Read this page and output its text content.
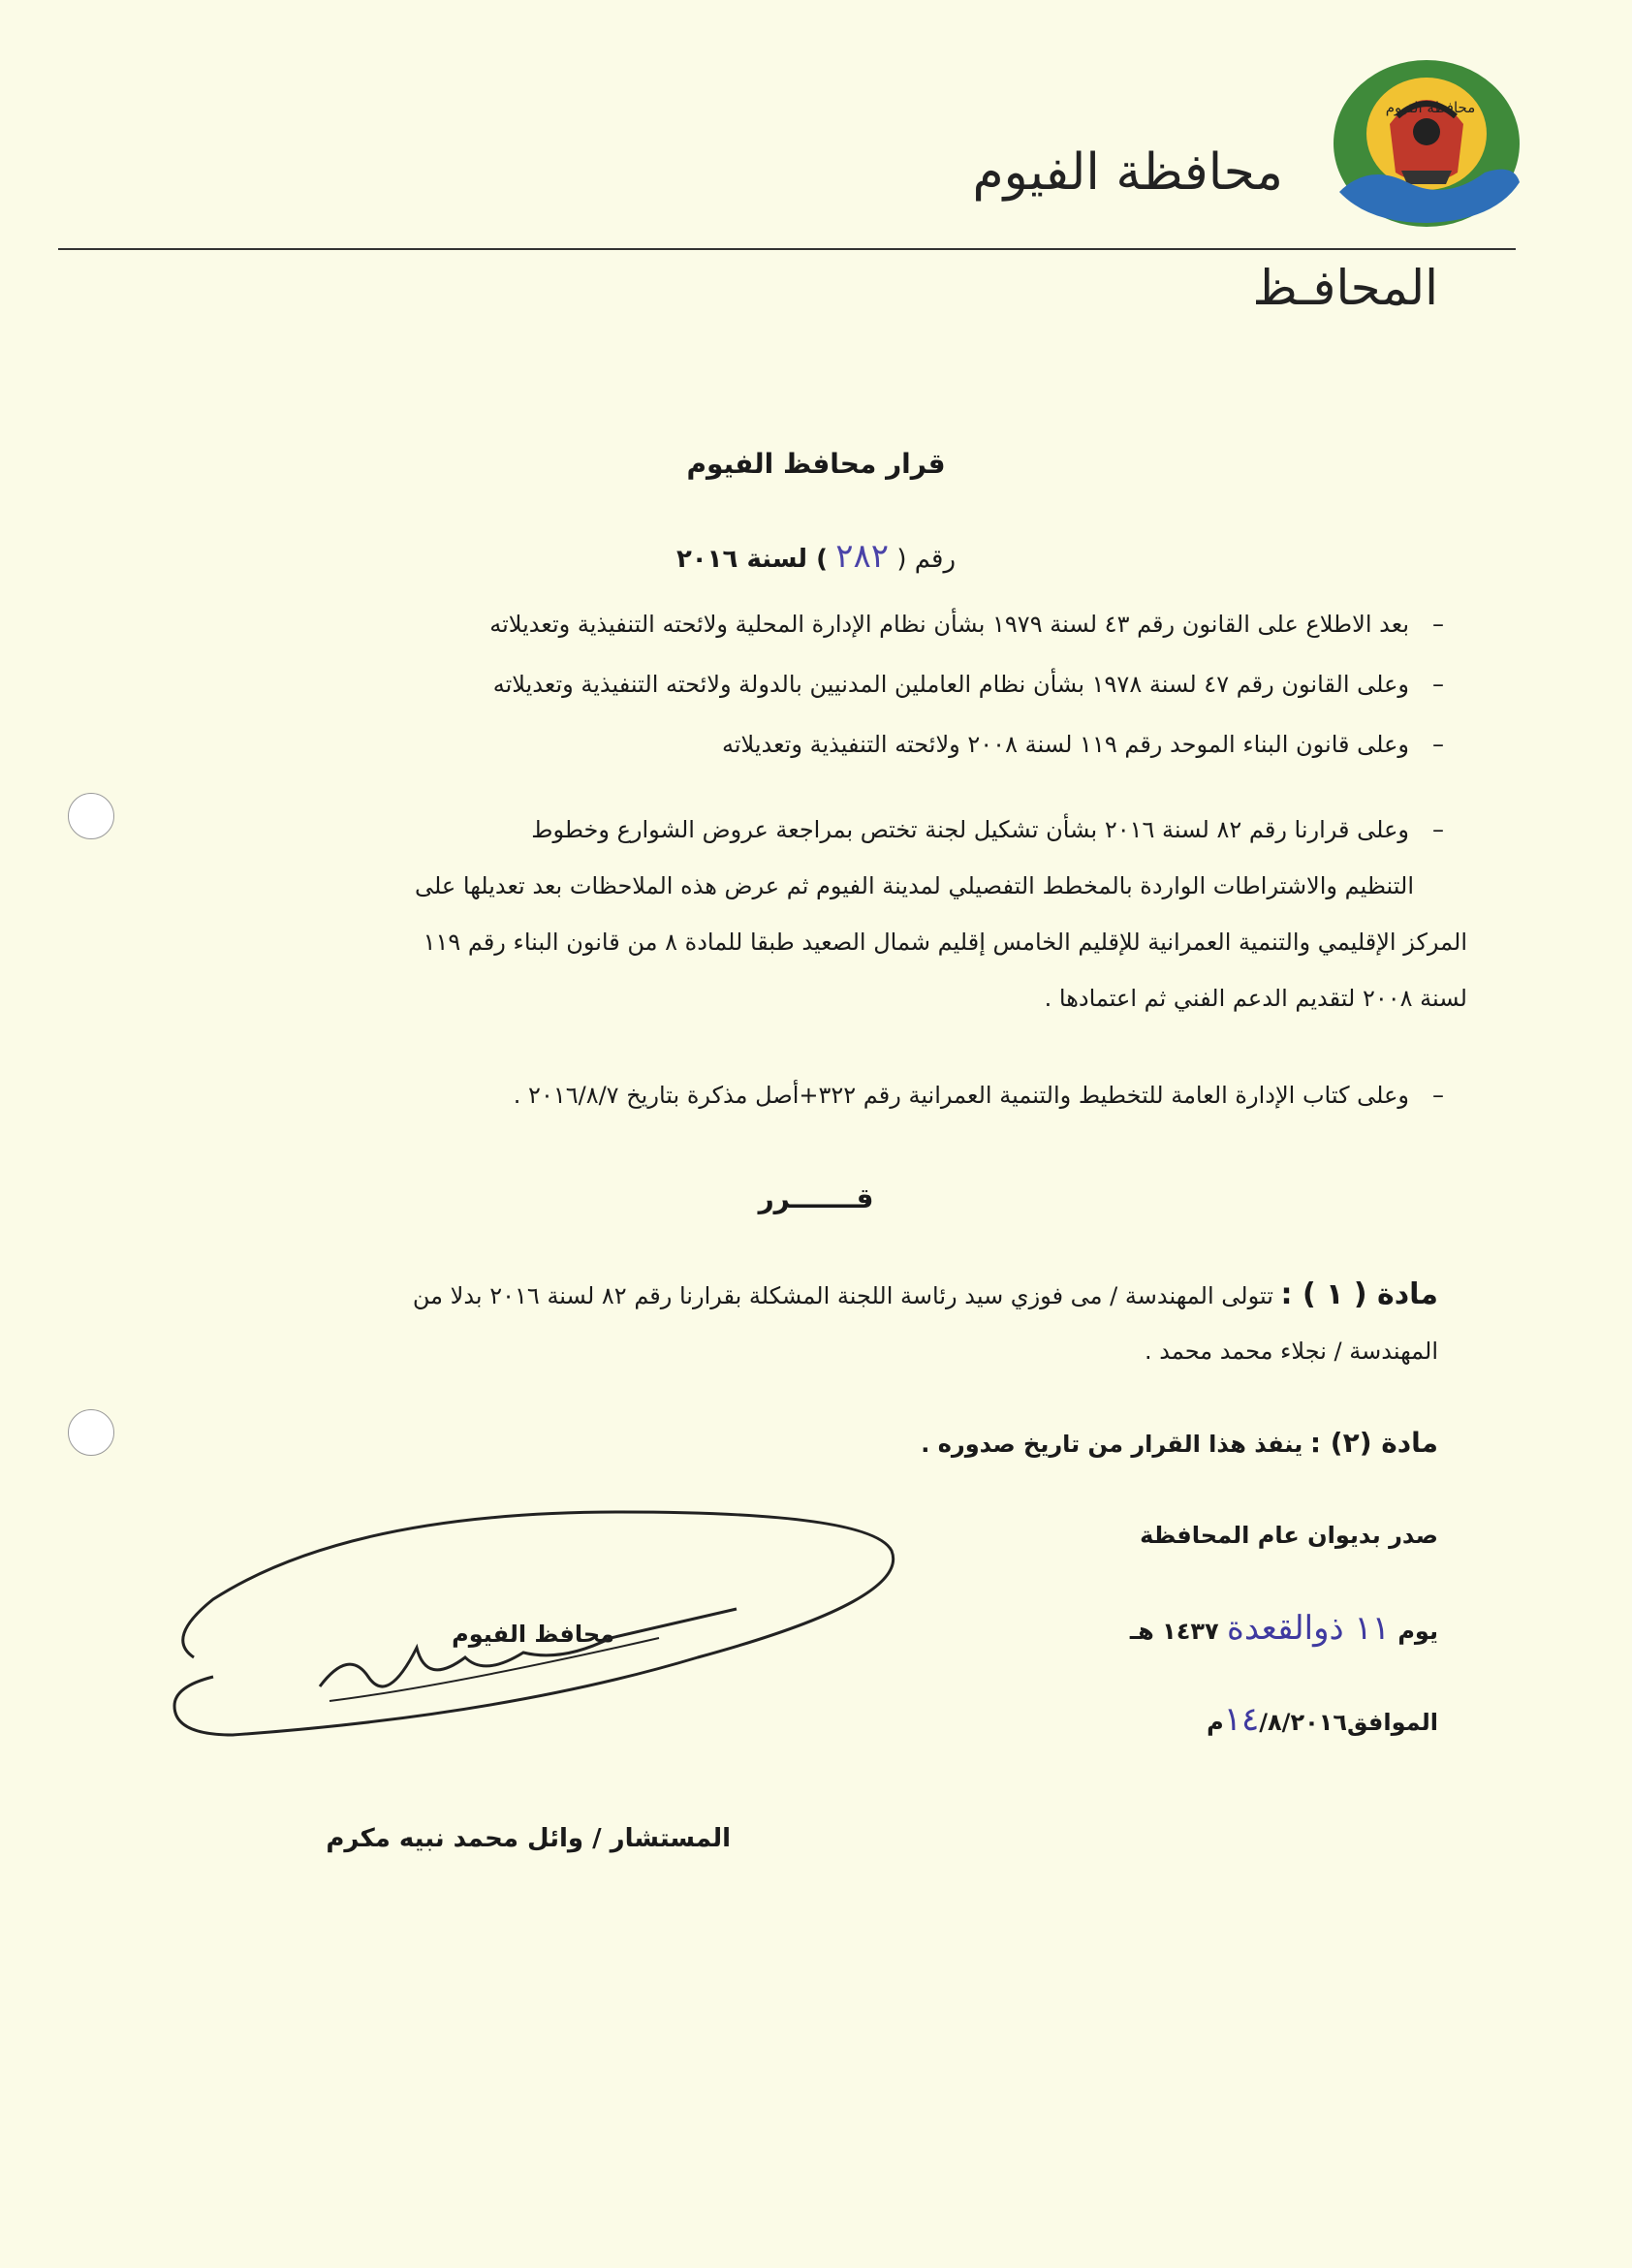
محافظة الفيوم
محافظة الفيوم
المحافـظ
قرار محافظ الفيوم
رقم ( ٢٨٢ ) لسنة ٢٠١٦
–بعد الاطلاع على القانون رقم ٤٣ لسنة ١٩٧٩ بشأن نظام الإدارة المحلية ولائحته التنفيذية وتعديلاته
–وعلى القانون رقم ٤٧ لسنة ١٩٧٨ بشأن نظام العاملين المدنيين بالدولة ولائحته التنفيذية وتعديلاته
–وعلى قانون البناء الموحد رقم ١١٩ لسنة ٢٠٠٨ ولائحته التنفيذية وتعديلاته
–وعلى قرارنا رقم ٨٢ لسنة ٢٠١٦ بشأن تشكيل لجنة تختص بمراجعة عروض الشوارع وخطوط
التنظيم والاشتراطات الواردة بالمخطط التفصيلي لمدينة الفيوم ثم عرض هذه الملاحظات بعد تعديلها على
المركز الإقليمي والتنمية العمرانية للإقليم الخامس إقليم شمال الصعيد طبقا للمادة ٨ من قانون البناء رقم ١١٩
لسنة ٢٠٠٨ لتقديم الدعم الفني ثم اعتمادها .
–وعلى كتاب الإدارة العامة للتخطيط والتنمية العمرانية رقم ٣٢٢+أصل مذكرة بتاريخ ٢٠١٦/٨/٧ .
قـــــــرر
مادة ( ١ ) : تتولى المهندسة / مى فوزي سيد رئاسة اللجنة المشكلة بقرارنا رقم ٨٢ لسنة ٢٠١٦ بدلا من
المهندسة / نجلاء محمد محمد .
مادة (٢) : ينفذ هذا القرار من تاريخ صدوره .
صدر بديوان عام المحافظة
يوم ١١ ذوالقعدة ١٤٣٧ هـ
الموافق١٤/٨/٢٠١٦م
محافظ الفيوم
المستشار / وائل محمد نبيه مكرم
